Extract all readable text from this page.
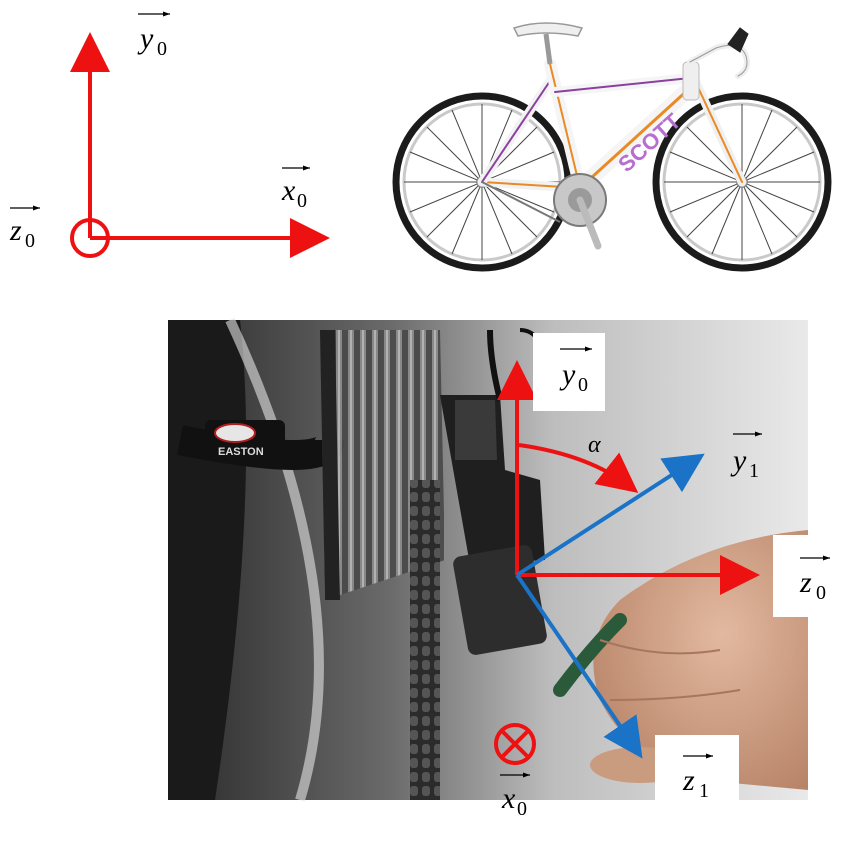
y 0
x 0
z 0
SCOTT
EASTON	α
y 0
y 1
z 0
z 1
x 0
